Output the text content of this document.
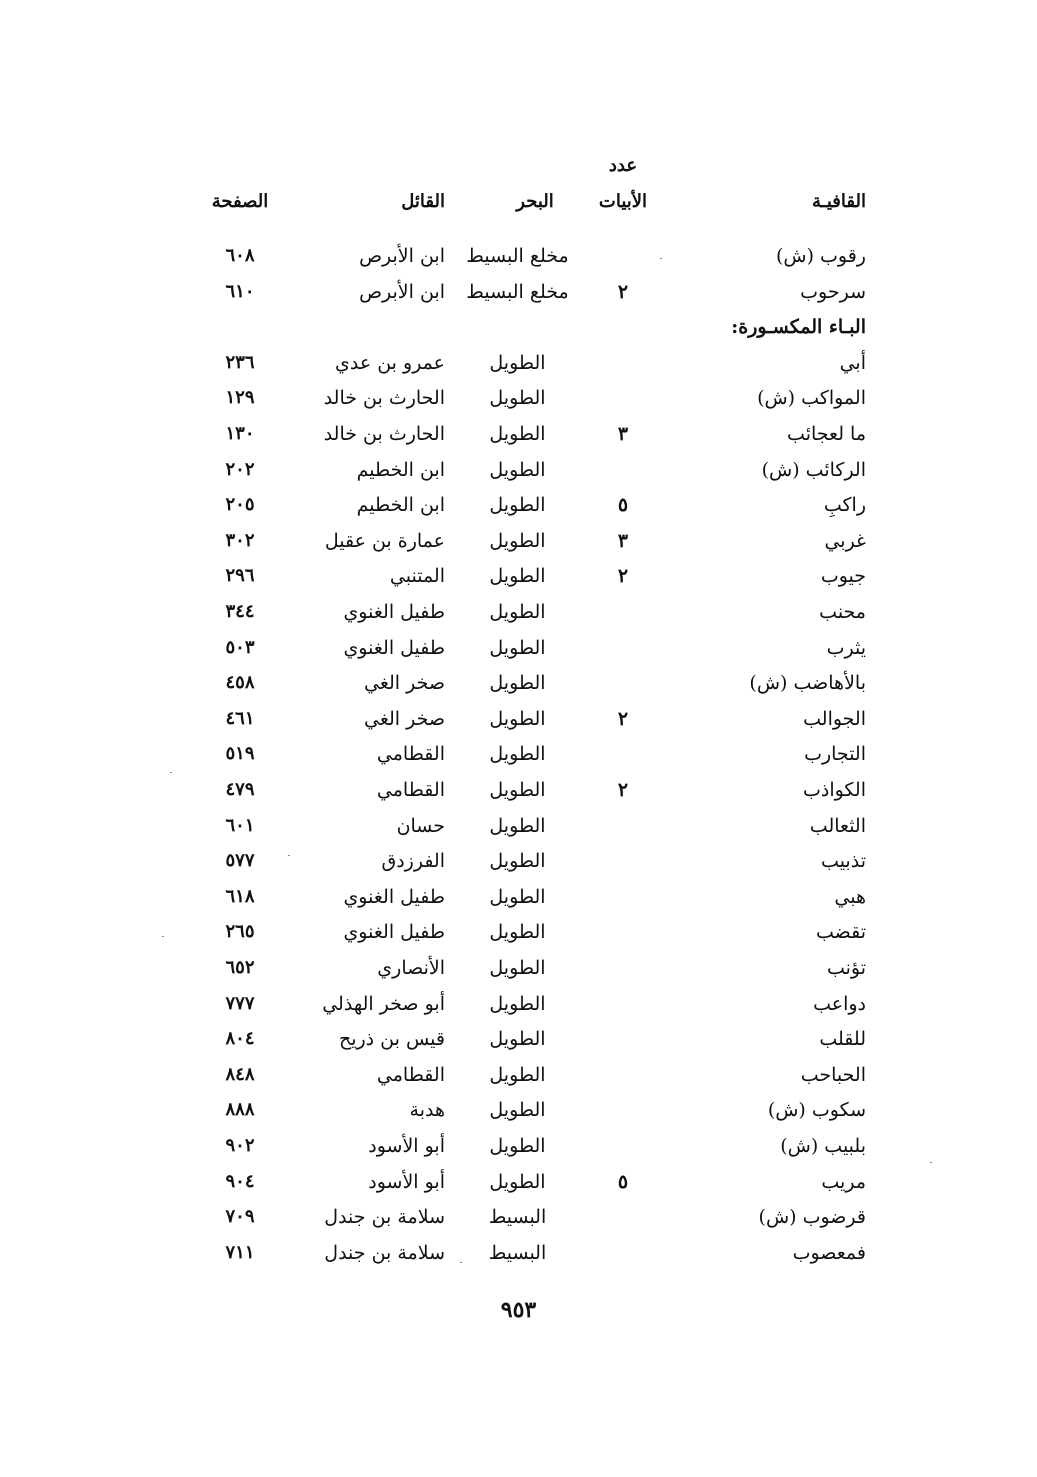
عدد
القافيـة
الأبيات
البحر
القائل
الصفحة
رقوب (ش)
مخلع البسيط
ابن الأبرص
٦٠٨
سرحوب
٢
مخلع البسيط
ابن الأبرص
٦١٠
البـاء المكسـورة:
أبي
الطويل
عمرو بن عدي
٢٣٦
المواكب (ش)
الطويل
الحارث بن خالد
١٢٩
ما لعجائب
٣
الطويل
الحارث بن خالد
١٣٠
الركائب (ش)
الطويل
ابن الخطيم
٢٠٢
راكبِ
٥
الطويل
ابن الخطيم
٢٠٥
غربي
٣
الطويل
عمارة بن عقيل
٣٠٢
جيوب
٢
الطويل
المتنبي
٢٩٦
محنب
الطويل
طفيل الغنوي
٣٤٤
يثرب
الطويل
طفيل الغنوي
٥٠٣
بالأهاضب (ش)
الطويل
صخر الغي
٤٥٨
الجوالب
٢
الطويل
صخر الغي
٤٦١
التجارب
الطويل
القطامي
٥١٩
الكواذب
٢
الطويل
القطامي
٤٧٩
الثعالب
الطويل
حسان
٦٠١
تذبيب
الطويل
الفرزدق
٥٧٧
هبي
الطويل
طفيل الغنوي
٦١٨
تقضب
الطويل
طفيل الغنوي
٢٦٥
تؤنب
الطويل
الأنصاري
٦٥٢
دواعب
الطويل
أبو صخر الهذلي
٧٧٧
للقلب
الطويل
قيس بن ذريح
٨٠٤
الحباحب
الطويل
القطامي
٨٤٨
سكوب (ش)
الطويل
هدبة
٨٨٨
بلبيب (ش)
الطويل
أبو الأسود
٩٠٢
مريب
٥
الطويل
أبو الأسود
٩٠٤
قرضوب (ش)
البسيط
سلامة بن جندل
٧٠٩
فمعصوب
البسيط
سلامة بن جندل
٧١١
٩٥٣
